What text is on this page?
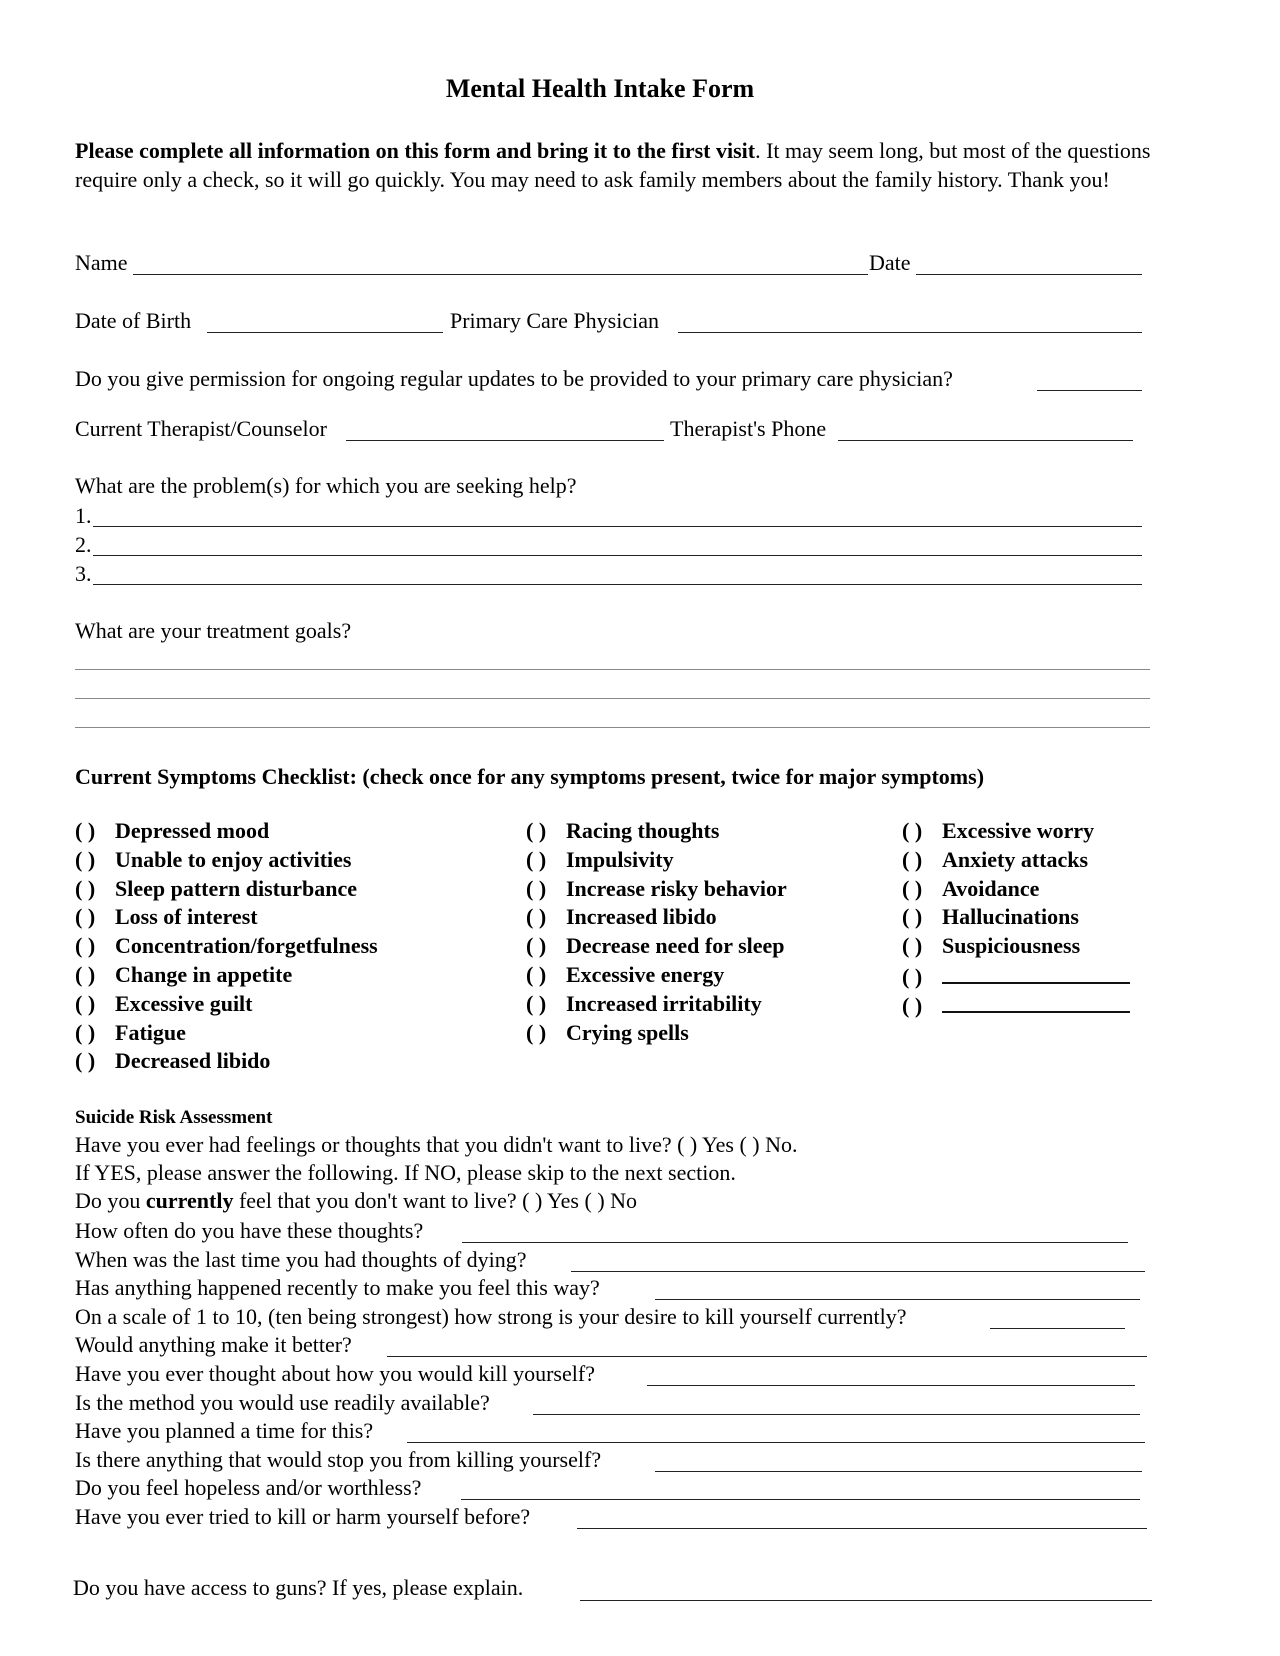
Mental Health Intake Form

Please complete all information on this form and bring it to the first visit. It may seem long, but most of the questions require only a check, so it will go quickly. You may need to ask family members about the family history. Thank you!

Name	Date
Date of Birth	Primary Care Physician
Do you give permission for ongoing regular updates to be provided to your primary care physician?
Current Therapist/Counselor	Therapist's Phone
What are the problem(s) for which you are seeking help?
1.
2.
3.
What are your treatment goals?
Current Symptoms Checklist: (check once for any symptoms present, twice for major symptoms)
( ) Depressed mood
( ) Unable to enjoy activities
( ) Sleep pattern disturbance
( ) Loss of interest
( ) Concentration/forgetfulness
( ) Change in appetite
( ) Excessive guilt
( ) Fatigue
( ) Decreased libido
( ) Racing thoughts
( ) Impulsivity
( ) Increase risky behavior
( ) Increased libido
( ) Decrease need for sleep
( ) Excessive energy
( ) Increased irritability
( ) Crying spells
( ) Excessive worry
( ) Anxiety attacks
( ) Avoidance
( ) Hallucinations
( ) Suspiciousness
( )
( )
Suicide Risk Assessment
Have you ever had feelings or thoughts that you didn't want to live? ( ) Yes ( ) No.
If YES, please answer the following. If NO, please skip to the next section.
Do you currently feel that you don't want to live? ( ) Yes ( ) No
How often do you have these thoughts?
When was the last time you had thoughts of dying?
Has anything happened recently to make you feel this way?
On a scale of 1 to 10, (ten being strongest) how strong is your desire to kill yourself currently?
Would anything make it better?
Have you ever thought about how you would kill yourself?
Is the method you would use readily available?
Have you planned a time for this?
Is there anything that would stop you from killing yourself?
Do you feel hopeless and/or worthless?
Have you ever tried to kill or harm yourself before?
Do you have access to guns? If yes, please explain.
